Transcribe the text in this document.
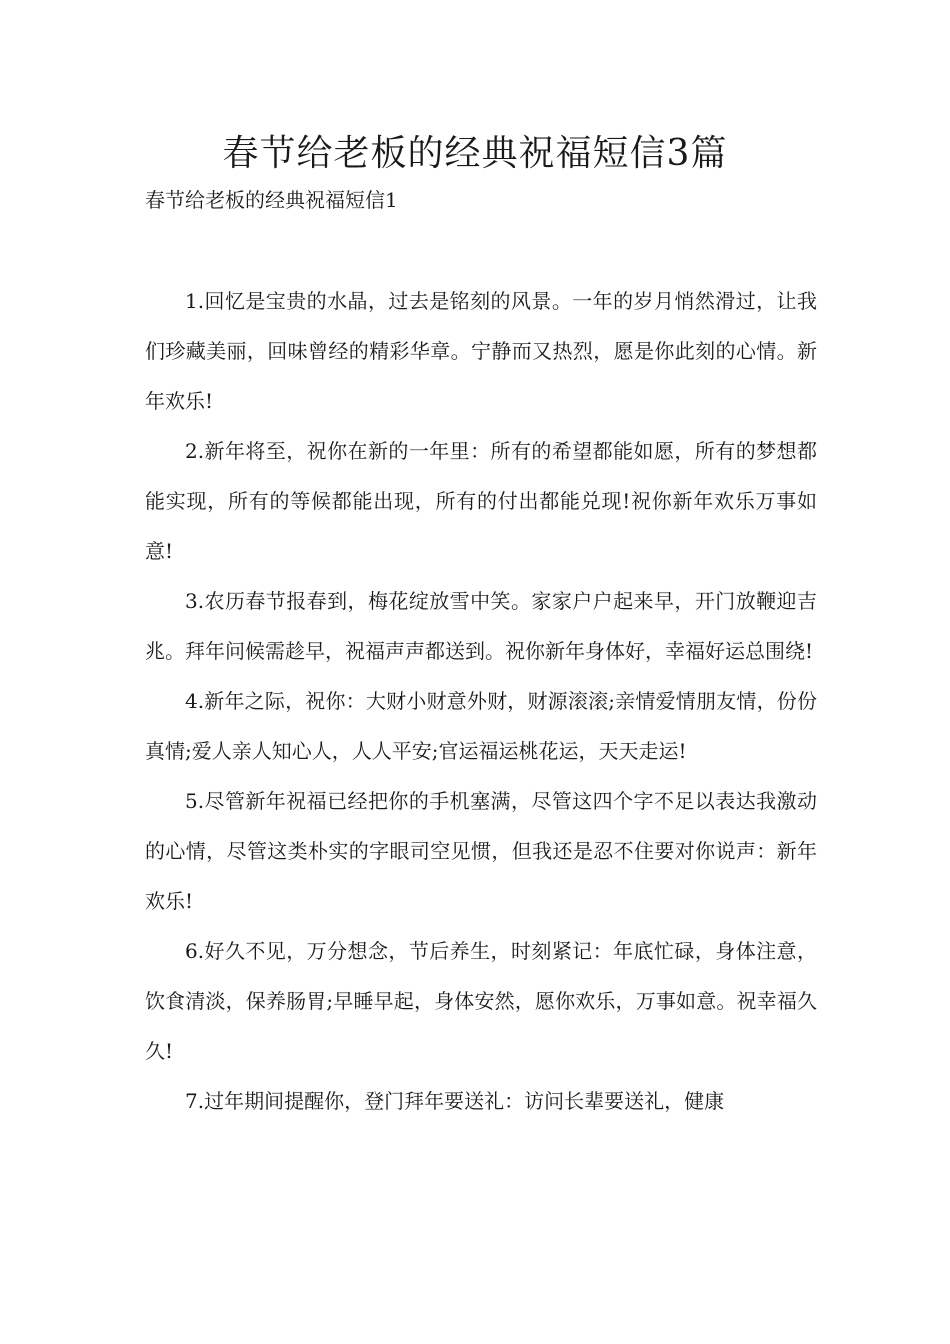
春节给老板的经典祝福短信3篇
春节给老板的经典祝福短信1

1.回忆是宝贵的水晶，过去是铭刻的风景。一年的岁月悄然滑过，让我们珍藏美丽，回味曾经的精彩华章。宁静而又热烈，愿是你此刻的心情。新年欢乐!

2.新年将至，祝你在新的一年里：所有的希望都能如愿，所有的梦想都能实现，所有的等候都能出现，所有的付出都能兑现!祝你新年欢乐万事如意!

3.农历春节报春到，梅花绽放雪中笑。家家户户起来早，开门放鞭迎吉兆。拜年问候需趁早，祝福声声都送到。祝你新年身体好，幸福好运总围绕!

4.新年之际，祝你：大财小财意外财，财源滚滚;亲情爱情朋友情，份份真情;爱人亲人知心人，人人平安;官运福运桃花运，天天走运!

5.尽管新年祝福已经把你的手机塞满，尽管这四个字不足以表达我激动的心情，尽管这类朴实的字眼司空见惯，但我还是忍不住要对你说声：新年欢乐!

6.好久不见，万分想念，节后养生，时刻紧记：年底忙碌，身体注意，饮食清淡，保养肠胃;早睡早起，身体安然，愿你欢乐，万事如意。祝幸福久久!

7.过年期间提醒你，登门拜年要送礼：访问长辈要送礼，健康
